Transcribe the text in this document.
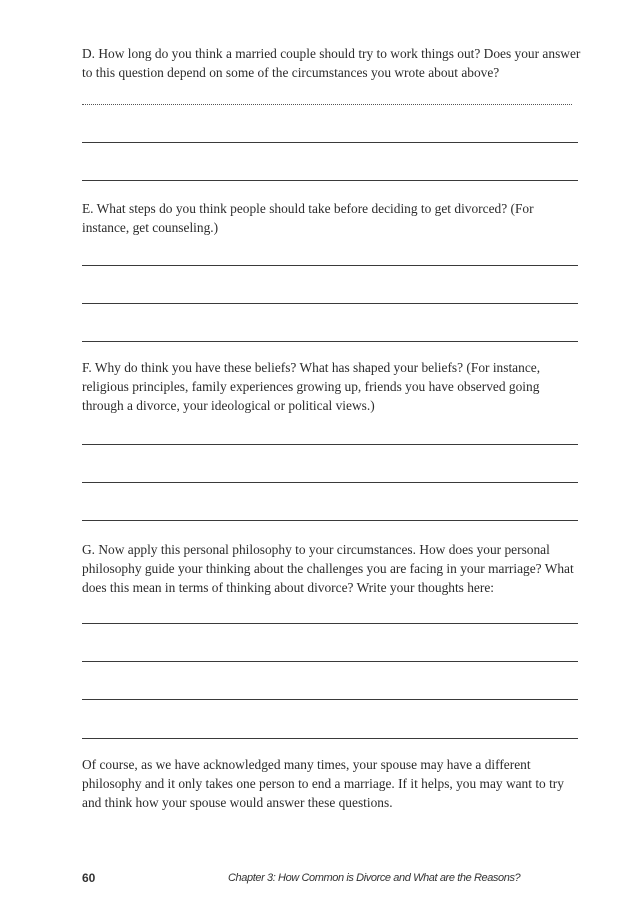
D. How long do you think a married couple should try to work things out? Does your answer to this question depend on some of the circumstances you wrote about above?

E. What steps do you think people should take before deciding to get divorced? (For instance, get counseling.)

F. Why do think you have these beliefs? What has shaped your beliefs? (For instance, religious principles, family experiences growing up, friends you have observed going through a divorce, your ideological or political views.)

G. Now apply this personal philosophy to your circumstances. How does your personal philosophy guide your thinking about the challenges you are facing in your marriage? What does this mean in terms of thinking about divorce? Write your thoughts here:

Of course, as we have acknowledged many times, your spouse may have a different philosophy and it only takes one person to end a marriage. If it helps, you may want to try and think how your spouse would answer these questions.

60	Chapter 3: How Common is Divorce and What are the Reasons?
